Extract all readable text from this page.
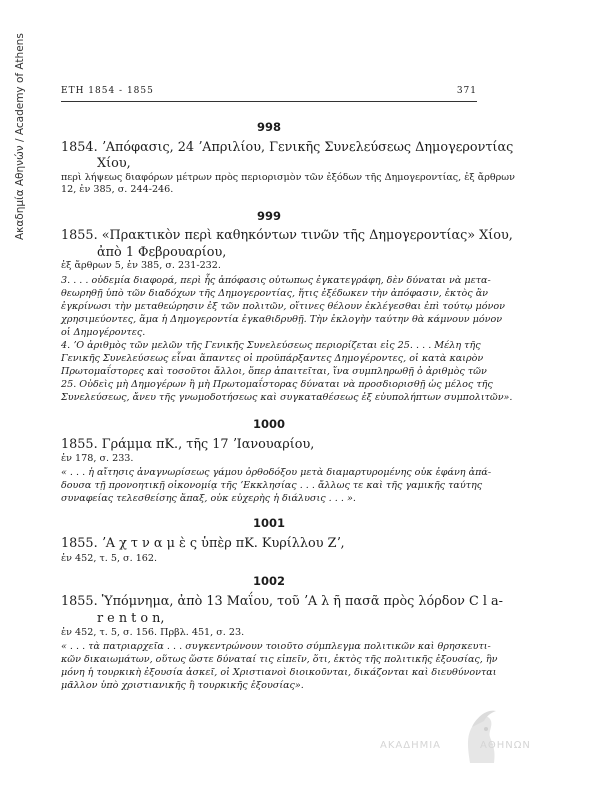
Ακαδημία Αθηνών / Academy of Athens	ΕΤΗ 1854 - 1855	371
998
1854. ʼΑπόφασις, 24 ʼΑπριλίου, Γενικῆς Συνελεύσεως Δημογεροντίας
Χίου,
περὶ λήψεως διαφόρων μέτρων πρὸς περιορισμὸν τῶν ἐξόδων τῆς Δημογεροντίας, ἐξ ἄρθρων
12, ἐν 385, σ. 244-246.
999
1855. «Πρακτικὸν περὶ καθηκόντων τινῶν τῆς Δημογεροντίας» Χίου,
ἀπὸ 1 Φεβρουαρίου,
ἐξ ἄρθρων 5, ἐν 385, σ. 231-232.
3. . . . οὐδεμία διαφορά, περὶ ἧς ἀπόφασις οὐτωπως ἐγκατεγράφη, δὲν δύναται νὰ μετα-
θεωρηθῇ ὑπὸ τῶν διαδόχων τῆς Δημογεροντίας, ἥτις ἐξέδωκεν τὴν ἀπόφασιν, ἐκτὸς ἂν
ἐγκρίνωσι τὴν μεταθεώρησιν ἐξ τῶν πολιτῶν, οἵτινες θέλουν ἐκλέγεσθαι ἐπὶ τούτῳ μόνον
χρησιμεύοντες, ἅμα ἡ Δημογεροντία ἐγκαθιδρυθῇ. Τὴν ἐκλογὴν ταύτην θὰ κάμνουν μόνον
οἱ Δημογέροντες.
4. ʼΟ ἀριθμὸς τῶν μελῶν τῆς Γενικῆς Συνελεύσεως περιορίζεται εἰς 25. . . . Μέλη τῆς
Γενικῆς Συνελεύσεως εἶναι ἅπαντες οἱ προϋπάρξαντες Δημογέροντες, οἱ κατὰ καιρὸν
Πρωτομαΐστορες καὶ τοσοῦτοι ἄλλοι, ὅπερ ἀπαιτεῖται, ἵνα συμπληρωθῇ ὁ ἀριθμὸς τῶν
25. Οὐδεὶς μὴ Δημογέρων ἢ μὴ Πρωτομαΐστορας δύναται νὰ προσδιορισθῇ ὡς μέλος τῆς
Συνελεύσεως, ἄνευ τῆς γνωμοδοτήσεως καὶ συγκαταθέσεως ἐξ εὐυπολήπτων συμπολιτῶν».
1000
1855. Γράμμα πΚ., τῆς 17 ʼΙανουαρίου,
ἐν 178, σ. 233.
« . . . ἡ αἴτησις ἀναγνωρίσεως γάμου ὀρθοδόξου μετὰ διαμαρτυρομένης οὐκ ἐφάνη ἀπά-
δουσα τῇ προνοητικῇ οἰκονομίᾳ τῆς ʼΕκκλησίας . . . ἄλλως τε καὶ τῆς γαμικῆς ταύτης
συναφείας τελεσθείσης ἅπαξ, οὐκ εὐχερὴς ἡ διάλυσις . . . ».
1001
1855. ʼΑ χ τ ν α μ ὲ ς ὑπὲρ πΚ. Κυρίλλου Ζʼ,
ἐν 452, τ. 5, σ. 162.
1002
1855. Ὑπόμνημα, ἀπὸ 13 Μαΐου, τοῦ ʼΑ λ ῆ πασᾶ πρὸς λόρδον C l a-
r e n t o n,
ἐν 452, τ. 5, σ. 156. Πρβλ. 451, σ. 23.
« . . . τὰ πατριαρχεῖα . . . συγκεντρώνουν τοιοῦτο σύμπλεγμα πολιτικῶν καὶ θρησκευτι-
κῶν δικαιωμάτων, οὕτως ὥστε δύναταί τις εἰπεῖν, ὅτι, ἐκτὸς τῆς πολιτικῆς ἐξουσίας, ἣν
μόνη ἡ τουρκικὴ ἐξουσία ἀσκεῖ, οἱ Χριστιανοὶ διοικοῦνται, δικάζονται καὶ διευθύνονται
μᾶλλον ὑπὸ χριστιανικῆς ἢ τουρκικῆς ἐξουσίας».
ΑΚΑΔΗΜΙΑ	ΑΘΗΝΩΝ
